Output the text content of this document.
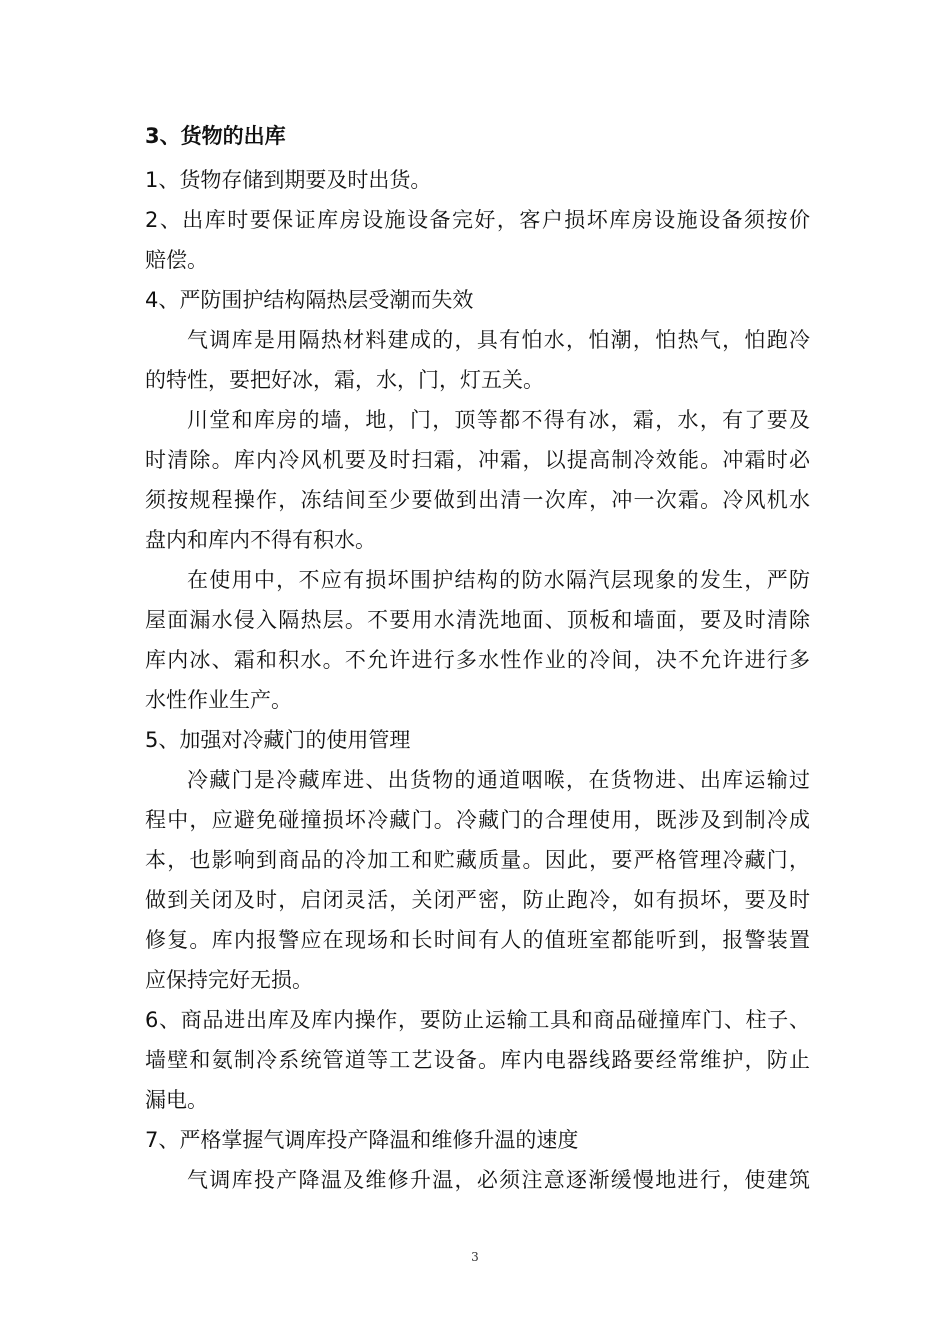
3、货物的出库
1、货物存储到期要及时出货。
2、出库时要保证库房设施设备完好，客户损坏库房设施设备须按价
赔偿。
4、严防围护结构隔热层受潮而失效
气调库是用隔热材料建成的，具有怕水，怕潮，怕热气，怕跑冷
的特性，要把好冰，霜，水，门，灯五关。
川堂和库房的墙，地，门，顶等都不得有冰，霜，水，有了要及
时清除。库内冷风机要及时扫霜，冲霜，以提高制冷效能。冲霜时必
须按规程操作，冻结间至少要做到出清一次库，冲一次霜。冷风机水
盘内和库内不得有积水。
在使用中，不应有损坏围护结构的防水隔汽层现象的发生，严防
屋面漏水侵入隔热层。不要用水清洗地面、顶板和墙面，要及时清除
库内冰、霜和积水。不允许进行多水性作业的冷间，决不允许进行多
水性作业生产。
5、加强对冷藏门的使用管理
冷藏门是冷藏库进、出货物的通道咽喉，在货物进、出库运输过
程中，应避免碰撞损坏冷藏门。冷藏门的合理使用，既涉及到制冷成
本，也影响到商品的冷加工和贮藏质量。因此，要严格管理冷藏门，
做到关闭及时，启闭灵活，关闭严密，防止跑冷，如有损坏，要及时
修复。库内报警应在现场和长时间有人的值班室都能听到，报警装置
应保持完好无损。
6、商品进出库及库内操作，要防止运输工具和商品碰撞库门、柱子、
墙壁和氨制冷系统管道等工艺设备。库内电器线路要经常维护，防止
漏电。
7、严格掌握气调库投产降温和维修升温的速度
气调库投产降温及维修升温，必须注意逐渐缓慢地进行，使建筑
3
